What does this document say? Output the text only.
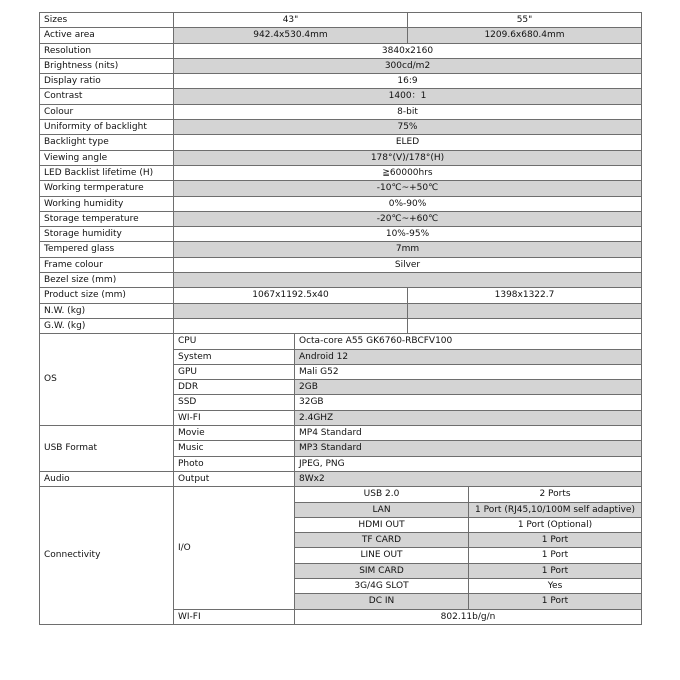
Sizes	43"		55"	
Active area	942.4x530.4mm		1209.6x680.4mm	
Resolution	3840x2160			
Brightness (nits)	300cd/m2			
Display ratio	16:9			
Contrast	1400：1			
Colour	8-bit			
Uniformity of backlight	75%			
Backlight type	ELED			
Viewing angle	178°(V)/178°(H)			
LED Backlist lifetime (H)	≧60000hrs			
Working termperature	-10℃~+50℃			
Working humidity	0%-90%			
Storage temperature	-20℃~+60℃			
Storage humidity	10%-95%			
Tempered glass	7mm			
Frame colour	Silver			
Bezel size (mm)				
Product size (mm)	1067x1192.5x40		1398x1322.7	
N.W. (kg)				
G.W. (kg)				
OS	CPU	Octa-core A55 GK6760-RBCFV100		
	System	Android 12		
	GPU	Mali G52		
	DDR	2GB		
	SSD	32GB		
	WI-FI	2.4GHZ		
USB Format	Movie	MP4 Standard		
	Music	MP3 Standard		
	Photo	JPEG, PNG		
Audio	Output	8Wx2		
Connectivity	I/O	USB 2.0		2 Ports
		LAN		1 Port (RJ45,10/100M self adaptive)
		HDMI OUT		1 Port (Optional)
		TF CARD		1 Port
		LINE OUT		1 Port
		SIM CARD		1 Port
		3G/4G SLOT		Yes
		DC IN		1 Port
	WI-FI	802.11b/g/n		
